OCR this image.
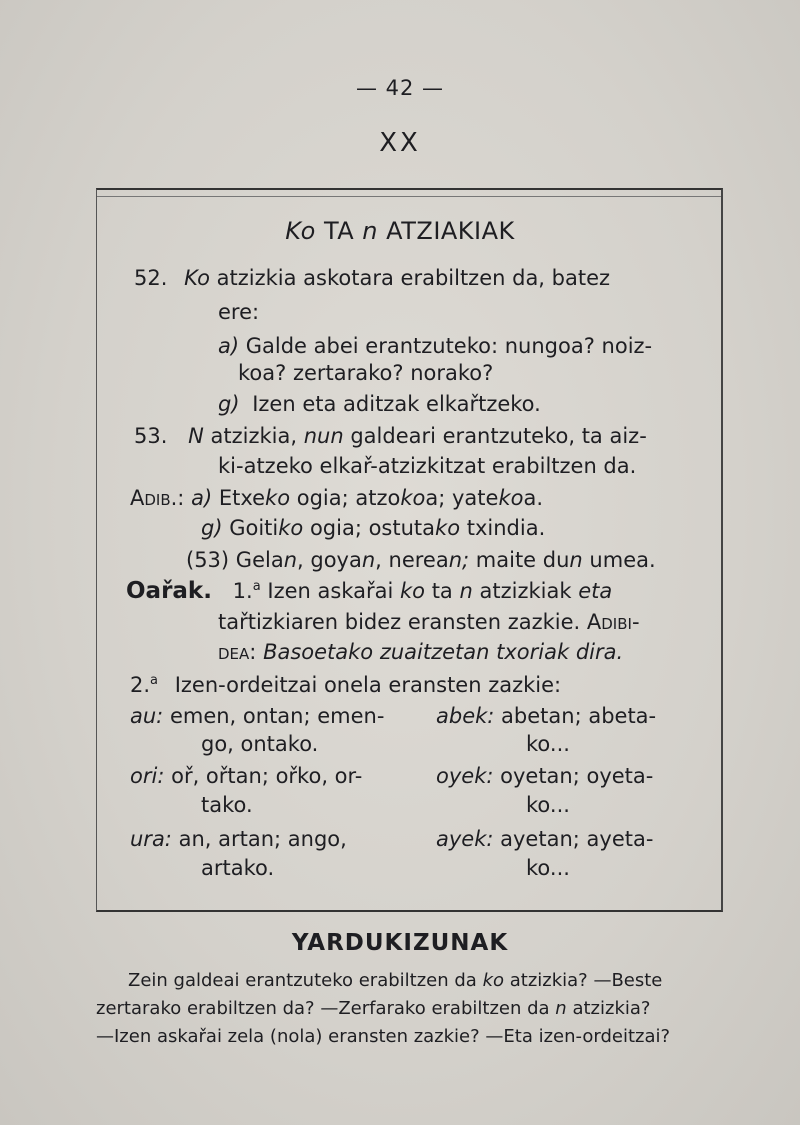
— 42 —
XX
Ko TA n ATZIAKIAK
52. Ko atzizkia askotara erabiltzen da, batez
ere:
a) Galde abei erantzuteko: nungoa? noiz-
koa? zertarako? norako?
g) Izen eta aditzak elkařtzeko.
53. N atzizkia, nun galdeari erantzuteko, ta aiz-
ki-atzeko elkař-atzizkitzat erabiltzen da.
Adib.: a) Etxeko ogia; atzokoa; yatekoa.
g) Goitiko ogia; ostutako txindia.
(53) Gelan, goyan, nerean; maite dun umea.
Oařak. 1.$^a$ Izen askařai ko ta n atzizkiak eta
tařtizkiaren bidez eransten zazkie. Adibi-
dea: Basoetako zuaitzetan txoriak dira.
2.$^a$ Izen-ordeitzai onela eransten zazkie:
au: emen, ontan; emen-
go, ontako.
ori: oř, ořtan; ořko, or-
tako.
ura: an, artan; ango,
artako.
abek: abetan; abeta-
ko...
oyek: oyetan; oyeta-
ko...
ayek: ayetan; ayeta-
ko...
YARDUKIZUNAK
Zein galdeai erantzuteko erabiltzen da ko atzizkia? —Beste
zertarako erabiltzen da? —Zerfarako erabiltzen da n atzizkia?
—Izen askařai zela (nola) eransten zazkie? —Eta izen-ordeitzai?
